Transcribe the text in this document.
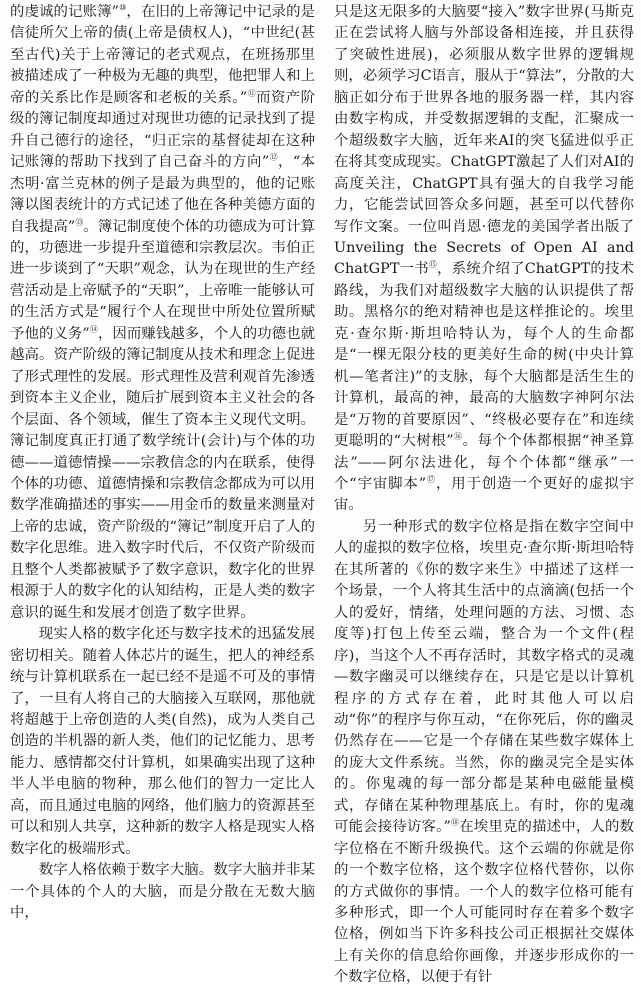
的虔诚的记账簿”⑩，在旧的上帝簿记中记录的是信徒所欠上帝的债(上帝是债权人)，“中世纪(甚至古代)关于上帝簿记的老式观点，在班扬那里被描述成了一种极为无趣的典型，他把罪人和上帝的关系比作是顾客和老板的关系。”⑪而资产阶级的簿记制度却通过对现世功德的记录找到了提升自己德行的途径，“归正宗的基督徒却在这种记账簿的帮助下找到了自己奋斗的方向”⑫，“本杰明·富兰克林的例子是最为典型的，他的记账簿以图表统计的方式记述了他在各种美德方面的自我提高”⑬。簿记制度使个体的功德成为可计算的，功德进一步提升至道德和宗教层次。韦伯正进一步谈到了“天职”观念，认为在现世的生产经营活动是上帝赋予的“天职”，上帝唯一能够认可的生活方式是“履行个人在现世中所处位置所赋予他的义务”⑭，因而赚钱越多，个人的功德也就越高。资产阶级的簿记制度从技术和理念上促进了形式理性的发展。形式理性及营利观首先渗透到资本主义企业，随后扩展到资本主义社会的各个层面、各个领域，催生了资本主义现代文明。簿记制度真正打通了数学统计(会计)与个体的功德——道德情操——宗教信念的内在联系，使得个体的功德、道德情操和宗教信念都成为可以用数学准确描述的事实——用金币的数量来测量对上帝的忠诚，资产阶级的“簿记”制度开启了人的数字化思维。进入数字时代后，不仅资产阶级而且整个人类都被赋予了数字意识，数字化的世界根源于人的数字化的认知结构，正是人类的数字意识的诞生和发展才创造了数字世界。

现实人格的数字化还与数字技术的迅猛发展密切相关。随着人体芯片的诞生，把人的神经系统与计算机联系在一起已经不是遥不可及的事情了，一旦有人将自己的大脑接入互联网，那他就将超越于上帝创造的人类(自然)，成为人类自己创造的半机器的新人类，他们的记忆能力、思考能力、感情都交付计算机，如果确实出现了这种半人半电脑的物种，那么他们的智力一定比人高，而且通过电脑的网络，他们脑力的资源甚至可以和别人共享，这种新的数字人格是现实人格数字化的极端形式。

数字人格依赖于数字大脑。数字大脑并非某一个具体的个人的大脑，而是分散在无数大脑中，

只是这无限多的大脑要“接入”数字世界(马斯克正在尝试将人脑与外部设备相连接，并且获得了突破性进展)，必须服从数字世界的逻辑规则，必须学习C语言，服从于“算法”，分散的大脑正如分布于世界各地的服务器一样，其内容由数字构成，并受数据逻辑的支配，汇聚成一个超级数字大脑，近年来AI的突飞猛进似乎正在将其变成现实。ChatGPT激起了人们对AI的高度关注，ChatGPT具有强大的自我学习能力，它能尝试回答众多问题，甚至可以代替你写作文案。一位叫肖恩·德龙的美国学者出版了Unveiling the Secrets of Open AI and ChatGPT一书⑮，系统介绍了ChatGPT的技术路线，为我们对超级数字大脑的认识提供了帮助。黑格尔的绝对精神也是这样推论的。埃里克·查尔斯·斯坦哈特认为，每个人的生命都是“一棵无限分枝的更美好生命的树(中央计算机—笔者注)”的支脉，每个大脑都是活生生的计算机，最高的神，最高的大脑数字神阿尔法是“万物的首要原因”、“终极必要存在”和连续更聪明的“大树根”⑯。每个个体都根据“神圣算法”——阿尔法进化，每个个体都“继承”一个“宇宙脚本”⑰，用于创造一个更好的虚拟宇宙。

另一种形式的数字位格是指在数字空间中人的虚拟的数字位格，埃里克·查尔斯·斯坦哈特在其所著的《你的数字来生》中描述了这样一个场景，一个人将其生活中的点滴滴(包括一个人的爱好，情绪，处理问题的方法、习惯、态度等)打包上传至云端，整合为一个文件(程序)，当这个人不再存活时，其数字格式的灵魂—数字幽灵可以继续存在，只是它是以计算机程序的方式存在着，此时其他人可以启动“你”的程序与你互动，“在你死后，你的幽灵仍然存在——它是一个存储在某些数字媒体上的庞大文件系统。当然，你的幽灵完全是实体的。你鬼魂的每一部分都是某种电磁能量模式，存储在某种物理基底上。有时，你的鬼魂可能会接待访客。”⑱在埃里克的描述中，人的数字位格在不断升级换代。这个云端的你就是你的一个数字位格，这个数字位格代替你，以你的方式做你的事情。一个人的数字位格可能有多种形式，即一个人可能同时存在着多个数字位格，例如当下许多科技公司正根据社交媒体上有关你的信息给你画像，并逐步形成你的一个数字位格，以便于有针
